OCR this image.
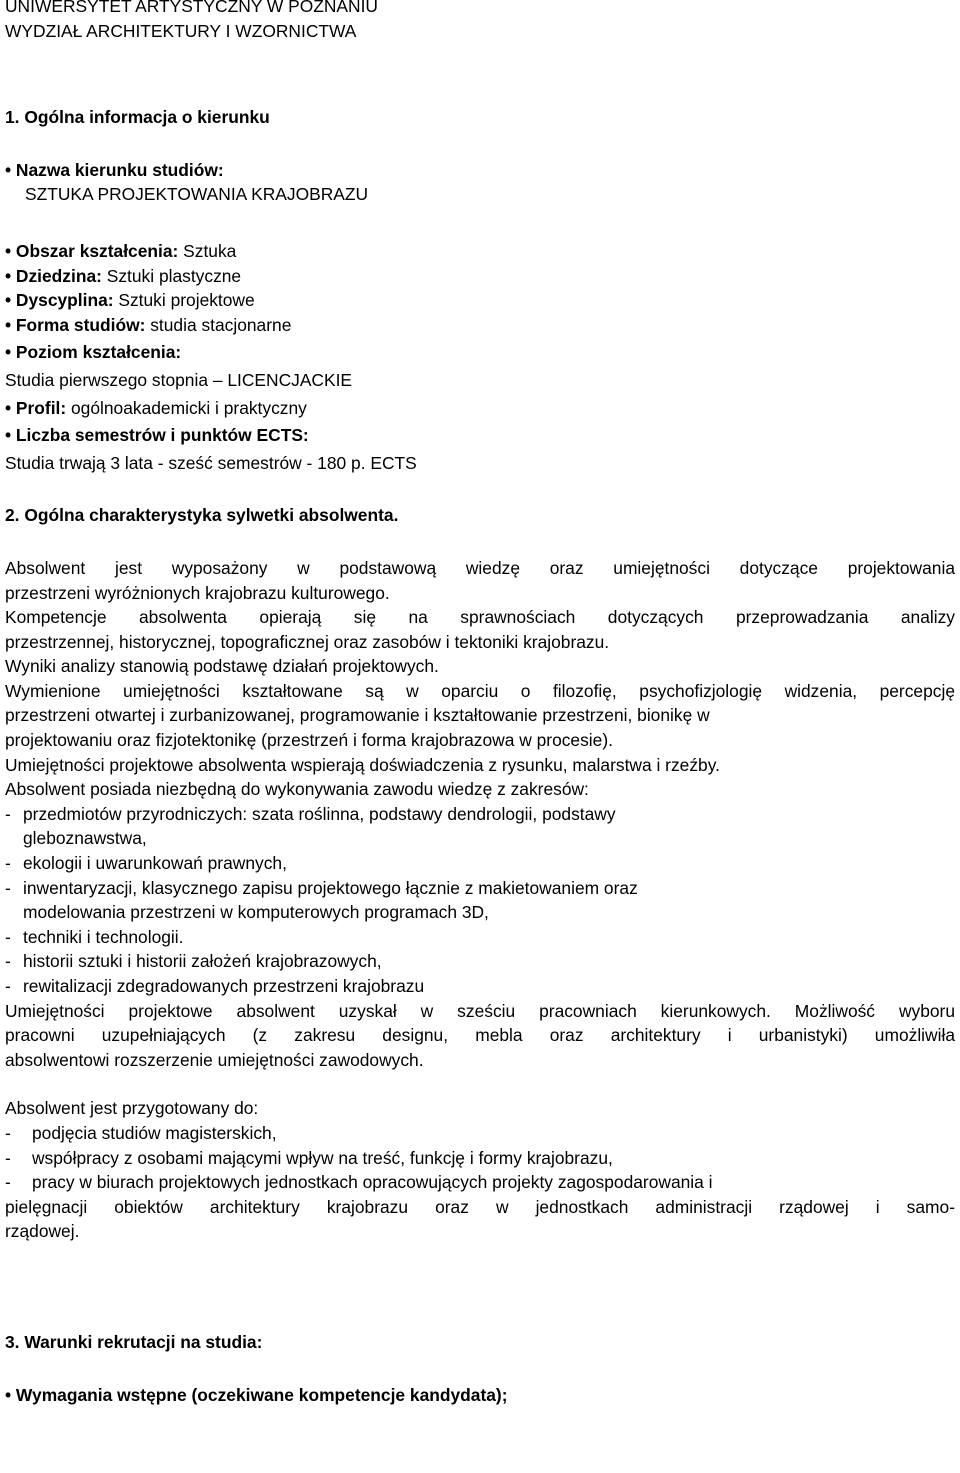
UNIWERSYTET ARTYSTYCZNY W POZNANIU
WYDZIAŁ ARCHITEKTURY I WZORNICTWA
1. Ogólna informacja o kierunku
• Nazwa kierunku studiów:
SZTUKA PROJEKTOWANIA KRAJOBRAZU
• Obszar kształcenia: Sztuka
• Dziedzina: Sztuki plastyczne
• Dyscyplina: Sztuki projektowe
• Forma studiów: studia stacjonarne
• Poziom kształcenia:
Studia pierwszego stopnia – LICENCJACKIE
• Profil: ogólnoakademicki i praktyczny
• Liczba semestrów i punktów ECTS:
Studia trwają 3 lata - sześć semestrów - 180 p. ECTS
2. Ogólna charakterystyka sylwetki absolwenta.
Absolwent jest wyposażony w podstawową wiedzę oraz umiejętności dotyczące projektowania
przestrzeni wyróżnionych krajobrazu kulturowego.
Kompetencje absolwenta opierają się na sprawnościach dotyczących przeprowadzania analizy
przestrzennej, historycznej, topograficznej oraz zasobów i tektoniki krajobrazu.
Wyniki analizy stanowią podstawę działań projektowych.
Wymienione umiejętności kształtowane są w oparciu o filozofię, psychofizjologię widzenia, percepcję
przestrzeni otwartej i zurbanizowanej, programowanie i kształtowanie przestrzeni, bionikę w
projektowaniu oraz fizjotektonikę (przestrzeń i forma krajobrazowa w procesie).
Umiejętności projektowe absolwenta wspierają doświadczenia z rysunku, malarstwa i rzeźby.
Absolwent posiada niezbędną do wykonywania zawodu wiedzę z zakresów:
- przedmiotów przyrodniczych: szata roślinna, podstawy dendrologii, podstawy
gleboznawstwa,
- ekologii i uwarunkowań prawnych,
- inwentaryzacji, klasycznego zapisu projektowego łącznie z makietowaniem oraz
modelowania przestrzeni w komputerowych programach 3D,
- techniki i technologii.
- historii sztuki i historii założeń krajobrazowych,
- rewitalizacji zdegradowanych przestrzeni krajobrazu
Umiejętności projektowe absolwent uzyskał w sześciu pracowniach kierunkowych. Możliwość wyboru
pracowni uzupełniających (z zakresu designu, mebla oraz architektury i urbanistyki) umożliwiła
absolwentowi rozszerzenie umiejętności zawodowych.
Absolwent jest przygotowany do:
-	podjęcia studiów magisterskich,
-	współpracy z osobami mającymi wpływ na treść, funkcję i formy krajobrazu,
-	pracy w biurach projektowych jednostkach opracowujących projekty zagospodarowania i
pielęgnacji obiektów architektury krajobrazu oraz w jednostkach administracji rządowej i samo-
rządowej.
3. Warunki rekrutacji na studia:
• Wymagania wstępne (oczekiwane kompetencje kandydata);
